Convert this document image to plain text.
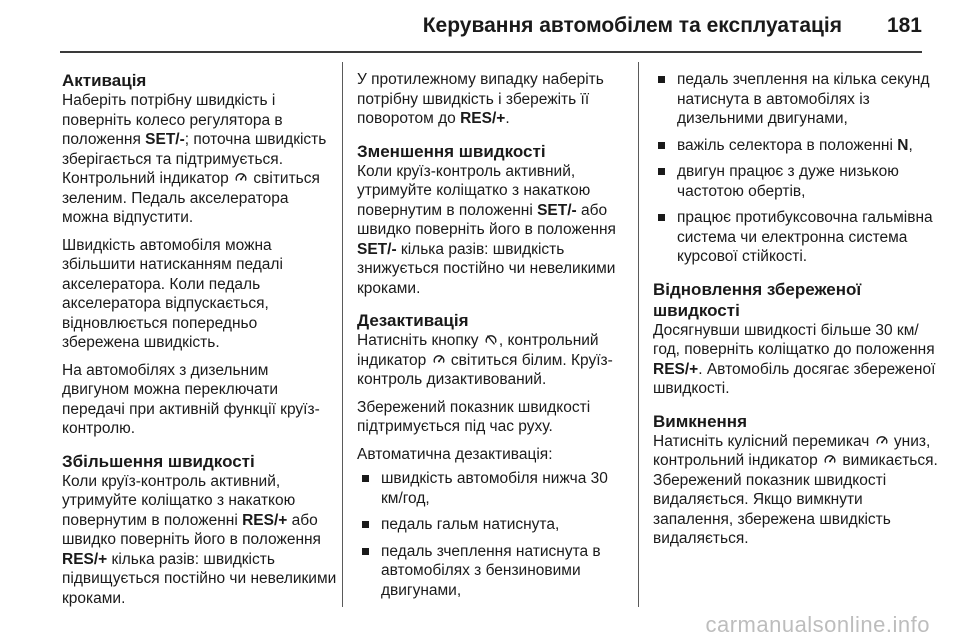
Керування автомобілем та експлуатація 181
Активація

Наберіть потрібну швидкість і поверніть колесо регулятора в положення SET/-; поточна швидкість зберігається та підтримується. Контрольний індикатор  світиться зеленим. Педаль акселератора можна відпустити.

Швидкість автомобіля можна збільшити натисканням педалі акселератора. Коли педаль акселератора відпускається, відновлюється попередньо збережена швидкість.

На автомобілях з дизельним двигуном можна переключати передачі при активній функції круїз-контролю.

Збільшення швидкості

Коли круїз-контроль активний, утримуйте коліщатко з накаткою повернутим в положенні RES/+ або швидко поверніть його в положення RES/+ кілька разів: швидкість підвищується постійно чи невеликими кроками.

У протилежному випадку наберіть потрібну швидкість і збережіть її поворотом до RES/+.

Зменшення швидкості

Коли круїз-контроль активний, утримуйте коліщатко з накаткою повернутим в положенні SET/- або швидко поверніть його в положення SET/- кілька разів: швидкість знижується постійно чи невеликими кроками.

Дезактивація

Натисніть кнопку , контрольний індикатор  світиться білим. Круїз-контроль дизактивований.

Збережений показник швидкості підтримується під час руху.

Автоматична дезактивація:

швидкість автомобіля нижча 30 км/год,
педаль гальм натиснута,
педаль зчеплення натиснута в автомобілях з бензиновими двигунами,
педаль зчеплення на кілька секунд натиснута в автомобілях із дизельними двигунами,
важіль селектора в положенні N,
двигун працює з дуже низькою частотою обертів,
працює протибуксовочна гальмівна система чи електронна система курсової стійкості.
Відновлення збереженої швидкості

Досягнувши швидкості більше 30 км/год, поверніть коліщатко до положення RES/+. Автомобіль досягає збереженої швидкості.

Вимкнення

Натисніть кулісний перемикач  униз, контрольний індикатор  вимикається. Збережений показник швидкості видаляється. Якщо вимкнути запалення, збережена швидкість видаляється.

carmanualsonline.info
